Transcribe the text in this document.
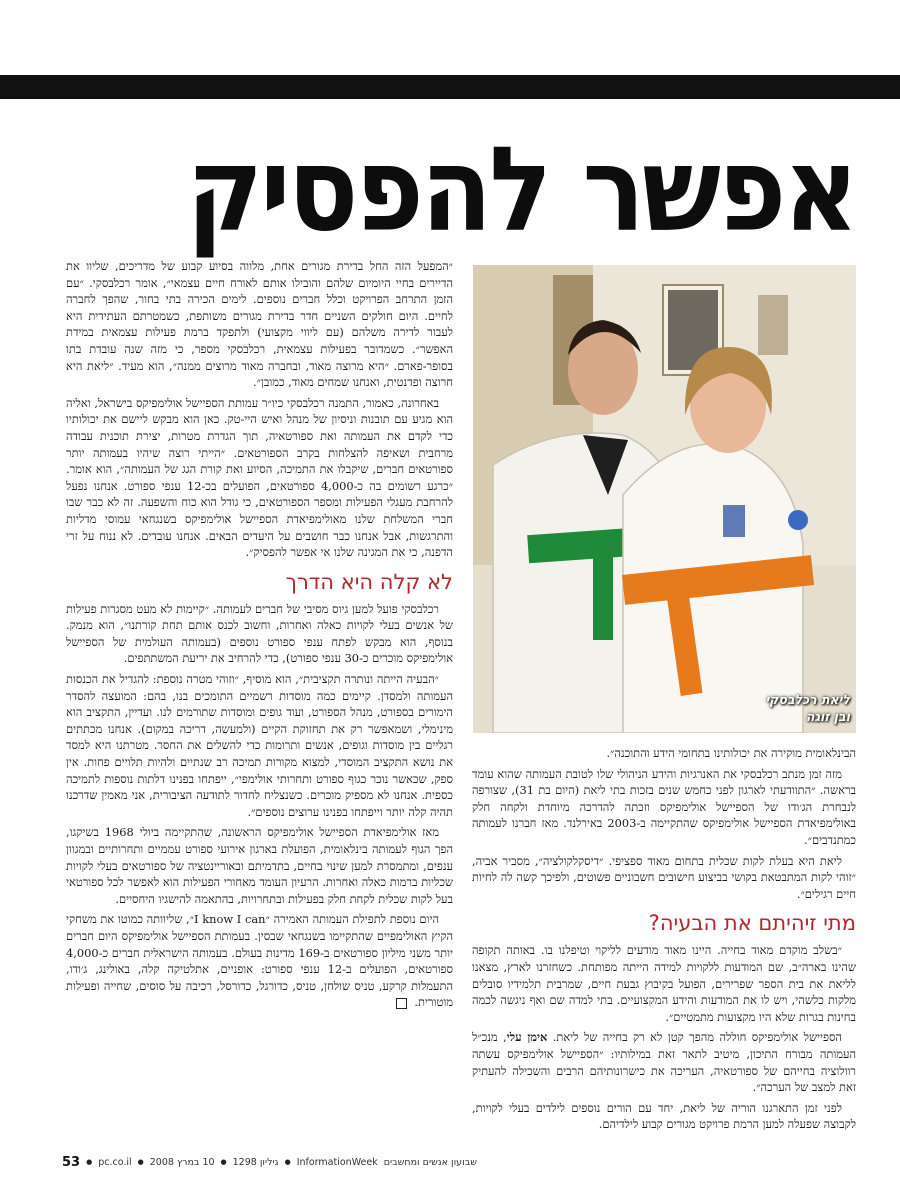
אפשר להפסיק

״המפעל הזה החל בדירת מגורים אחת, מלווה בסיוע קבוע של מדריכים, שליוו את הדיירים בחיי היומיום שלהם והובילו אותם לאורח חיים עצמאי״, אומר רכלבסקי. ״עם הזמן התרחב הפרויקט וכלל חברים נוספים. לימים הכירה בתי בחור, שהפך לחברה לחיים. היום חולקים השניים חדר בדירת מגורים משותפת, כשמטרתם העתידית היא לעבור לדירה משלהם (עם ליווי מקצועי) ולתפקד ברמת פעילות עצמאית במידת האפשר״. כשמדובר בפעילות עצמאית, רכלבסקי מספר, כי מזה שנה עובדת בתו בסופר-פארם. ״היא מרוצה מאוד, ובחברה מאוד מרוצים ממנה״, הוא מעיד. ״ליאת היא חרוצה ופדנטית, ואנחנו שמחים מאוד, כמובן״.

באחרונה, כאמור, התמנה רכלבסקי כיו״ר עמותת הספיישל אולימפיקס בישראל, ואליה הוא מגיע עם תובנות וניסיון של מנהל ואיש היי-טק. כאן הוא מבקש ליישם את יכולותיו כדי לקדם את העמותה ואת ספורטאיה, תוך הגדרת מטרות, יצירת תוכנית עבודה מרחבית ושאיפה להצלחות בקרב הספורטאים. ״הייתי רוצה שיהיו בעמותה יותר ספורטאים חברים, שיקבלו את התמיכה, הסיוע ואת קורת הגג של העמותה״, הוא אומר. ״כרגע רשומים בה כ-4,000 ספורטאים, הפועלים בכ-12 ענפי ספורט. אנחנו נפעל להרחבת מעגלי הפעילות ומספר הספורטאים, כי גודל הוא כוח והשפעה. זה לא כבר שבו חברי המשלחת שלנו מאולימפיאדת הספיישל אולימפיקס בשנגחאי עמוסי מדליות והתרגשות, אבל אנחנו כבר חושבים על היעדים הבאים. אנחנו עובדים. לא ננוח על זרי הדפנה, כי את המגינה שלנו אי אפשר להפסיק״.

לא קלה היא הדרך

רכלבסקי פועל למען גיוס מסיבי של חברים לעמותה. ״קיימות לא מעט מסגרות פעילות של אנשים בעלי לקויות כאלה ואחרות, וחשוב לכנס אותם תחת קורתנו״, הוא מנמק. בנוסף, הוא מבקש לפתח ענפי ספורט נוספים (בעמותה העולמית של הספיישל אולימפיקס מוכרים כ-30 ענפי ספורט), כדי להרחיב את יריעת המשתתפים.

״הבעיה הייתה ונותרה תקציבית״, הוא מוסיף, ״וזוהי מטרה נוספת: להגדיל את הכנסות העמותה ולמסדן. קיימים כמה מוסדות רשמיים התומכים בנו, בהם: המועצה להסדר הימורים בספורט, מנהל הספורט, ועוד גופים ומוסדות שתורמים לנו. ועדיין, התקציב הוא מינימלי, ושמאפשר רק את תחזוקת הקיים (ולמעשה, דריכה במקום). אנחנו מכתתים רגליים בין מוסדות וגופים, אנשים ותרומות כדי להשלים את החסר. מטרתנו היא למסד את נושא התקציב המוסדי, למצוא מקורות תמיכה רב שנתיים ולהיות תלויים פחות. אין ספק, שכאשר נוכר כגוף ספורט ותחרותי אולימפי״, ייפתחו בפנינו דלתות נוספות לתמיכה כספית. אנחנו לא מספיק מוכרים. כשנצליח לחדור לתודעה הציבורית, אני מאמין שדרכנו תהיה קלה יותר וייפתחו בפנינו ערוצים נוספים״.

מאז אולימפיאדת הספיישל אולימפיקס הראשונה, שהתקיימה ביולי 1968 בשיקגו, הפך הגוף לעמותה בינלאומית, הפועלת בארגון אירועי ספורט עממיים ותחרותיים ובמגוון ענפים, ומתמסרת למען שינוי בחיים, בתדמיתם ובאוריינטציה של ספורטאים בעלי לקויות שכליות ברמות כאלה ואחרות. הרעיון העומד מאחורי הפעילות הוא לאפשר לכל ספורטאי בעל לקות שכלית לקחת חלק בפעילות ובתחרויות, בהתאמה להישגיו היחסיים.

היום נוספת לתפילת העמותה האמירה ״I know I can״, שליוותה כמוטו את משחקי הקיץ האולימפיים שהתקיימו בשנגחאי שבסין. בעמותת הספיישל אולימפיקס היום חברים יותר משני מיליון ספורטאים ב-169 מדינות בעולם. בעמותה הישראלית חברים כ-4,000 ספורטאים, הפועלים ב-12 ענפי ספורט: אופניים, אתלטיקה קלה, באולינג, ג׳ודו, התעמלות קרקע, טניס שולחן, טניס, כדורגל, כדורסל, רכיבה על סוסים, שחייה ופעילות מוטורית.

ליאת רכלבסקי
ובן זוגה

הבינלאומית מוקירה את יכולותינו בתחומי הידע והתוכנה״.

מזה זמן מנתב רכלבסקי את האנרגיות והידע הניהולי שלו לטובת העמותה שהוא עומד בראשה. ״התוודעתי לארגון לפני כחמש שנים בזכות בתי ליאת (היום בת 31), שצורפה לנבחרת הג׳ודו של הספיישל אולימפיקס וזכתה להדרכה מיוחדת ולקחה חלק באולימפיאדת הספיישל אולימפיקס שהתקיימה ב-2003 באירלנד. מאז חברנו לעמותה כמתנדבים״.

ליאת היא בעלת לקות שכלית בתחום מאוד ספציפי. ״דיסקלקולציה״, מסביר אביה, ״זוהי לקות המתבטאת בקושי בביצוע חישובים חשבוניים פשוטים, ולפיכך קשה לה לחיות חיים רגילים״.

מתי זיהיתם את הבעיה?

״בשלב מוקדם מאוד בחייה. היינו מאוד מודעים לליקוי וטיפלנו בו. באותה תקופה שהינו בארה״ב, שם המודעות ללקויות למידה הייתה מפותחת. כשחזרנו לארץ, מצאנו לליאת את בית הספר שפרירים, הפועל בקיבוץ גבעת חיים, שמרבית תלמידיו סובלים מלקות כלשהי, ויש לו את המודעות והידע המקצועיים. בתי למדה שם ואף ניגשה לכמה בחינות בגרות שלא היו מקצועות מתמטיים״.

הספיישל אולימפיקס חוללה מהפך קטן לא רק בחייה של ליאת. אימן עלי, מנכ״ל העמותה מבורח התיכון, מיטיב לתאר זאת במילותיו: ״הספיישל אולימפיקס עשתה רוולוציה בחייהם של ספורטאיה, העריכה את כישרונותיהם הרבים והשכילה להעתיק זאת למצב של הערכה״.

לפני זמן התארגנו הוריה של ליאת, יחד עם הורים נוספים לילדים בעלי לקויות, לקבוצה שפעלה למען הרמת פרויקט מגורים קבוע לילדיהם.

53 ● pc.co.il ● 10 במרץ 2008 ● גיליון 1298 ● InformationWeek שבועון אנשים ומחשבים
